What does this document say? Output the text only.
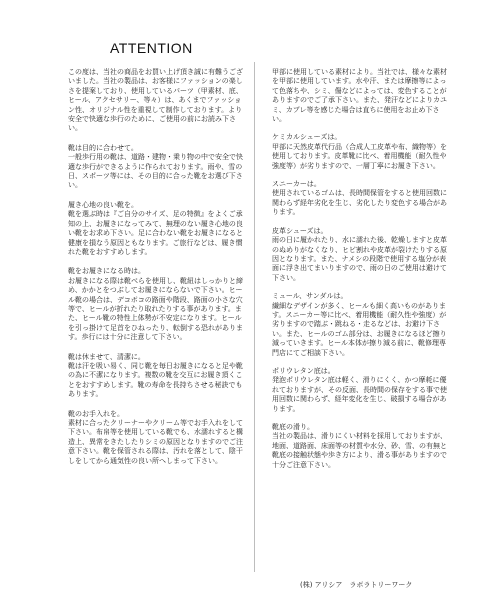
ATTENTION
この度は、当社の商品をお買い上げ頂き誠に有難うございました。当社の製品は、お客様にファッションの楽しさを提案しており、使用しているパーツ（甲素材、底、ヒール、アクセサリー、等々）は、あくまでファッション性、オリジナル性を重視して制作しております。より安全で快適な歩行のために、ご使用の前にお読み下さい。
靴は目的に合わせて。
一般歩行用の靴は、道路・建物・乗り物の中で安全で快適な歩行ができるように作られております。雨や、雪の日、スポーツ等には、その目的に合った靴をお選び下さい。
履き心地の良い靴を。
靴を選ぶ時は『ご自分のサイズ、足の特徴』をよくご承知の上、お履きになってみて、無理のない履き心地の良い靴をお求め下さい。足に合わない靴をお履きになると健康を損なう原因ともなります。ご旅行などは、履き慣れた靴をおすすめします。
靴をお履きになる時は。
お履きになる際は靴べらを使用し、靴紐はしっかりと締め、かかとをつぶしてお履きにならないで下さい。ヒール靴の場合は、デコボコの路面や階段、路面の小さな穴等で、ヒールが折れたり取れたりする事があります。また、ヒール靴の特性上体勢が不安定になります。ヒールを引っ掛けて足首をひねったり、転倒する恐れがあります。歩行には十分に注意して下さい。
靴は休ませて、清潔に。
靴は汗を吸い易く、同じ靴を毎日お履きになると足や靴の為に不潔になります。複数の靴を交互にお履き頂くことをおすすめします。靴の寿命を長持ちさせる秘訣でもあります。
靴のお手入れを。
素材に合ったクリーナーやクリーム等でお手入れをして下さい。布帛等を使用している靴でも、水濡れすると構造上、異常をきたしたりシミの原因となりますのでご注意下さい。靴を保管される際は、汚れを落として、陰干しをしてから通気性の良い所へしまって下さい。
甲部に使用している素材により。当社では、様々な素材を甲部に使用しています。水や汗、または摩擦等によって色落ちや、シミ、傷などによっては、変色することがありますのでご了承下さい。また、発汗などによりカユミ、カブレ等を感じた場合は直ちに使用をお止め下さい。
ケミカルシューズは。
甲部に天然皮革代行品（合成人工皮革や布、織物等）を使用しております。皮革靴に比べ、着用機能（耐久性や強度等）が劣りますので、一層丁寧にお履き下さい。
スニーカーは。
使用されているゴムは、長時間保管をすると使用回数に関わらず経年劣化を生じ、劣化したり変色する場合があります。
皮革シューズは。
雨の日に履かれたり、水に濡れた後、乾燥しますと皮革のぬめりがなくなり、ヒビ割れや皮革が裂けたりする原因となります。また、ナメシの段階で使用する塩分が表面に浮き出てまいりますので、雨の日のご使用は避けて下さい。
ミュール、サンダルは。
繊細なデザインが多く、ヒールも細く高いものがあります。スニーカー等に比べ、着用機能（耐久性や強度）が劣りますので踏ぶ・跳ねる・走るなどは、お避け下さい。また、ヒールのゴム部分は、お履きになるほど擦り減っていきます。ヒール本体が擦り減る前に、靴修理専門店にてご相談下さい。
ポリウレタン底は。
発泡ポリウレタン底は軽く、滑りにくく、かつ摩耗に優れておりますが、その反面、長時間の保存をする事で使用回数に関わらず、経年変化を生じ、破損する場合があります。
靴底の滑り。
当社の製品は、滑りにくい材料を採用しておりますが、地面、道路面、床面等の材質や水分、砂、雪、の有無と靴底の接触状態や歩き方により、滑る事がありますので十分ご注意下さい。
(株) アリシア　ラボラトリーワーク
